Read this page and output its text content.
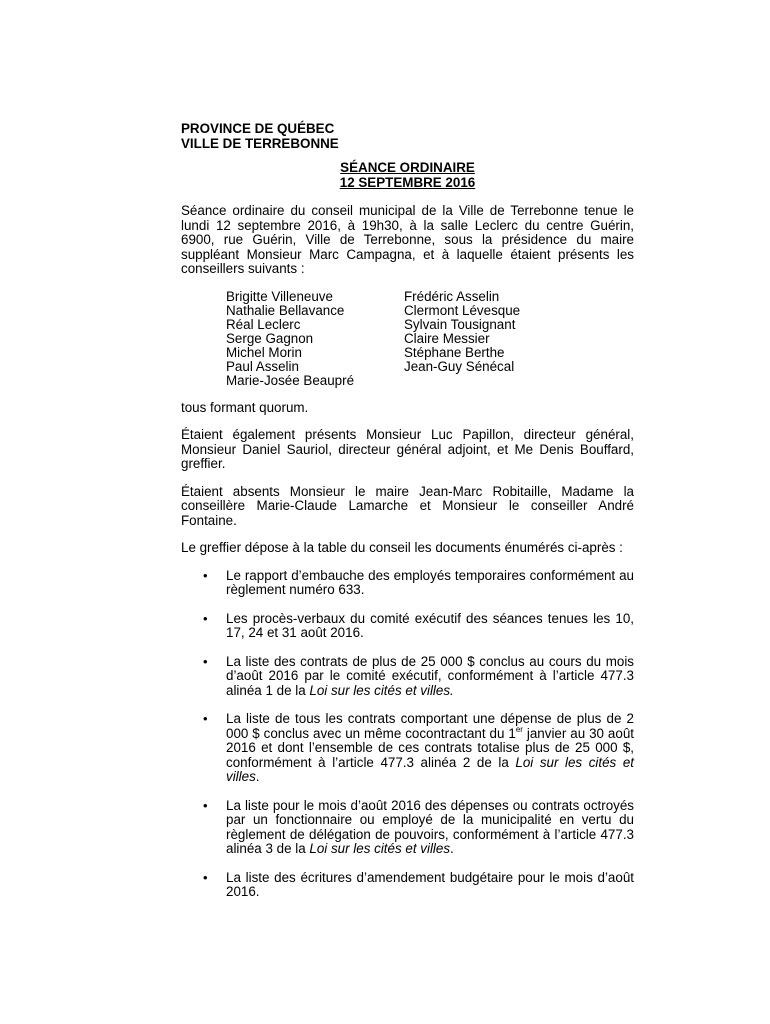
PROVINCE DE QUÉBEC
VILLE DE TERREBONNE
SÉANCE ORDINAIRE
12 SEPTEMBRE 2016

Séance ordinaire du conseil municipal de la Ville de Terrebonne tenue le lundi 12 septembre 2016, à 19h30, à la salle Leclerc du centre Guérin, 6900, rue Guérin, Ville de Terrebonne, sous la présidence du maire suppléant Monsieur Marc Campagna, et à laquelle étaient présents les conseillers suivants :

Brigitte Villeneuve
Nathalie Bellavance
Réal Leclerc
Serge Gagnon
Michel Morin
Paul Asselin
Marie-Josée Beaupré
Frédéric Asselin
Clermont Lévesque
Sylvain Tousignant
Claire Messier
Stéphane Berthe
Jean-Guy Sénécal

tous formant quorum.

Étaient également présents Monsieur Luc Papillon, directeur général, Monsieur Daniel Sauriol, directeur général adjoint, et Me Denis Bouffard, greffier.

Étaient absents Monsieur le maire Jean-Marc Robitaille, Madame la conseillère Marie-Claude Lamarche et Monsieur le conseiller André Fontaine.

Le greffier dépose à la table du conseil les documents énumérés ci-après :

• Le rapport d’embauche des employés temporaires conformément au règlement numéro 633.
• Les procès-verbaux du comité exécutif des séances tenues les 10, 17, 24 et 31 août 2016.
• La liste des contrats de plus de 25 000 $ conclus au cours du mois d’août 2016 par le comité exécutif, conformément à l’article 477.3 alinéa 1 de la Loi sur les cités et villes.
• La liste de tous les contrats comportant une dépense de plus de 2 000 $ conclus avec un même cocontractant du 1er janvier au 30 août 2016 et dont l’ensemble de ces contrats totalise plus de 25 000 $, conformément à l’article 477.3 alinéa 2 de la Loi sur les cités et villes.
• La liste pour le mois d’août 2016 des dépenses ou contrats octroyés par un fonctionnaire ou employé de la municipalité en vertu du règlement de délégation de pouvoirs, conformément à l’article 477.3 alinéa 3 de la Loi sur les cités et villes.
• La liste des écritures d’amendement budgétaire pour le mois d’août 2016.
